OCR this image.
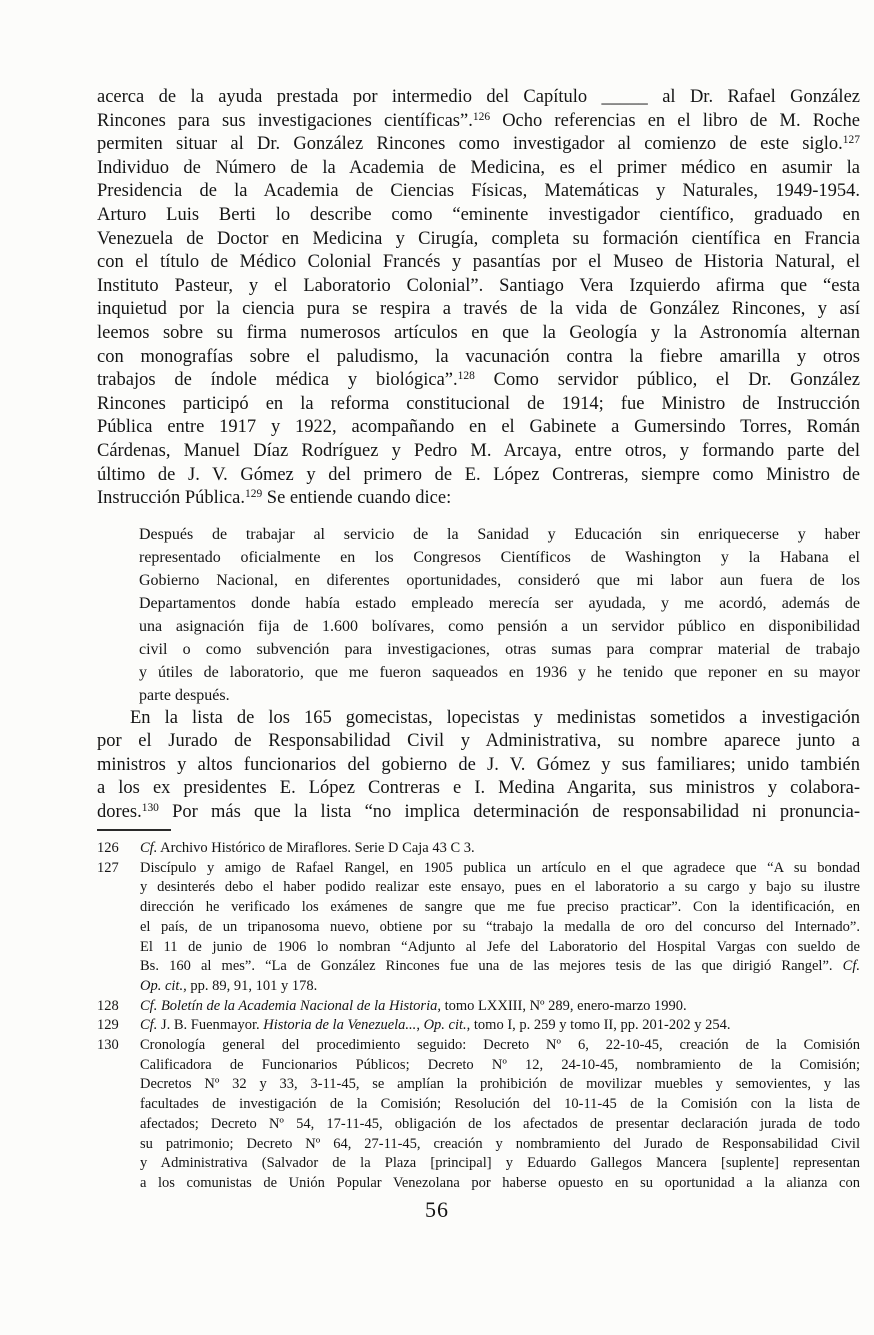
acerca de la ayuda prestada por intermedio del Capítulo _____ al Dr. Rafael González
Rincones para sus investigaciones científicas”.$^{126}$ Ocho referencias en el libro de M. Roche
permiten situar al Dr. González Rincones como investigador al comienzo de este siglo.$^{127}$
Individuo de Número de la Academia de Medicina, es el primer médico en asumir la
Presidencia de la Academia de Ciencias Físicas, Matemáticas y Naturales, 1949-1954.
Arturo Luis Berti lo describe como “eminente investigador científico, graduado en
Venezuela de Doctor en Medicina y Cirugía, completa su formación científica en Francia
con el título de Médico Colonial Francés y pasantías por el Museo de Historia Natural, el
Instituto Pasteur, y el Laboratorio Colonial”. Santiago Vera Izquierdo afirma que “esta
inquietud por la ciencia pura se respira a través de la vida de González Rincones, y así
leemos sobre su firma numerosos artículos en que la Geología y la Astronomía alternan
con monografías sobre el paludismo, la vacunación contra la fiebre amarilla y otros
trabajos de índole médica y biológica”.$^{128}$ Como servidor público, el Dr. González
Rincones participó en la reforma constitucional de 1914; fue Ministro de Instrucción
Pública entre 1917 y 1922, acompañando en el Gabinete a Gumersindo Torres, Román
Cárdenas, Manuel Díaz Rodríguez y Pedro M. Arcaya, entre otros, y formando parte del
último de J. V. Gómez y del primero de E. López Contreras, siempre como Ministro de
Instrucción Pública.$^{129}$ Se entiende cuando dice:
Después de trabajar al servicio de la Sanidad y Educación sin enriquecerse y haber
representado oficialmente en los Congresos Científicos de Washington y la Habana el
Gobierno Nacional, en diferentes oportunidades, consideró que mi labor aun fuera de los
Departamentos donde había estado empleado merecía ser ayudada, y me acordó, además de
una asignación fija de 1.600 bolívares, como pensión a un servidor público en disponibilidad
civil o como subvención para investigaciones, otras sumas para comprar material de trabajo
y útiles de laboratorio, que me fueron saqueados en 1936 y he tenido que reponer en su mayor
parte después.
En la lista de los 165 gomecistas, lopecistas y medinistas sometidos a investigación
por el Jurado de Responsabilidad Civil y Administrativa, su nombre aparece junto a
ministros y altos funcionarios del gobierno de J. V. Gómez y sus familiares; unido también
a los ex presidentes E. López Contreras e I. Medina Angarita, sus ministros y colabora-
dores.$^{130}$ Por más que la lista “no implica determinación de responsabilidad ni pronuncia-
126	Cf. Archivo Histórico de Miraflores. Serie D Caja 43 C 3.
127	Discípulo y amigo de Rafael Rangel, en 1905 publica un artículo en el que agradece que “A su bondad
y desinterés debo el haber podido realizar este ensayo, pues en el laboratorio a su cargo y bajo su ilustre
dirección he verificado los exámenes de sangre que me fue preciso practicar”. Con la identificación, en
el país, de un tripanosoma nuevo, obtiene por su “trabajo la medalla de oro del concurso del Internado”.
El 11 de junio de 1906 lo nombran “Adjunto al Jefe del Laboratorio del Hospital Vargas con sueldo de
Bs. 160 al mes”. “La de González Rincones fue una de las mejores tesis de las que dirigió Rangel”. Cf.
Op. cit., pp. 89, 91, 101 y 178.
128	Cf. Boletín de la Academia Nacional de la Historia, tomo LXXIII, Nº 289, enero-marzo 1990.
129	Cf. J. B. Fuenmayor. Historia de la Venezuela..., Op. cit., tomo I, p. 259 y tomo II, pp. 201-202 y 254.
130	Cronología general del procedimiento seguido: Decreto Nº 6, 22-10-45, creación de la Comisión
Calificadora de Funcionarios Públicos; Decreto Nº 12, 24-10-45, nombramiento de la Comisión;
Decretos Nº 32 y 33, 3-11-45, se amplían la prohibición de movilizar muebles y semovientes, y las
facultades de investigación de la Comisión; Resolución del 10-11-45 de la Comisión con la lista de
afectados; Decreto Nº 54, 17-11-45, obligación de los afectados de presentar declaración jurada de todo
su patrimonio; Decreto Nº 64, 27-11-45, creación y nombramiento del Jurado de Responsabilidad Civil
y Administrativa (Salvador de la Plaza [principal] y Eduardo Gallegos Mancera [suplente] representan
a los comunistas de Unión Popular Venezolana por haberse opuesto en su oportunidad a la alianza con
56
